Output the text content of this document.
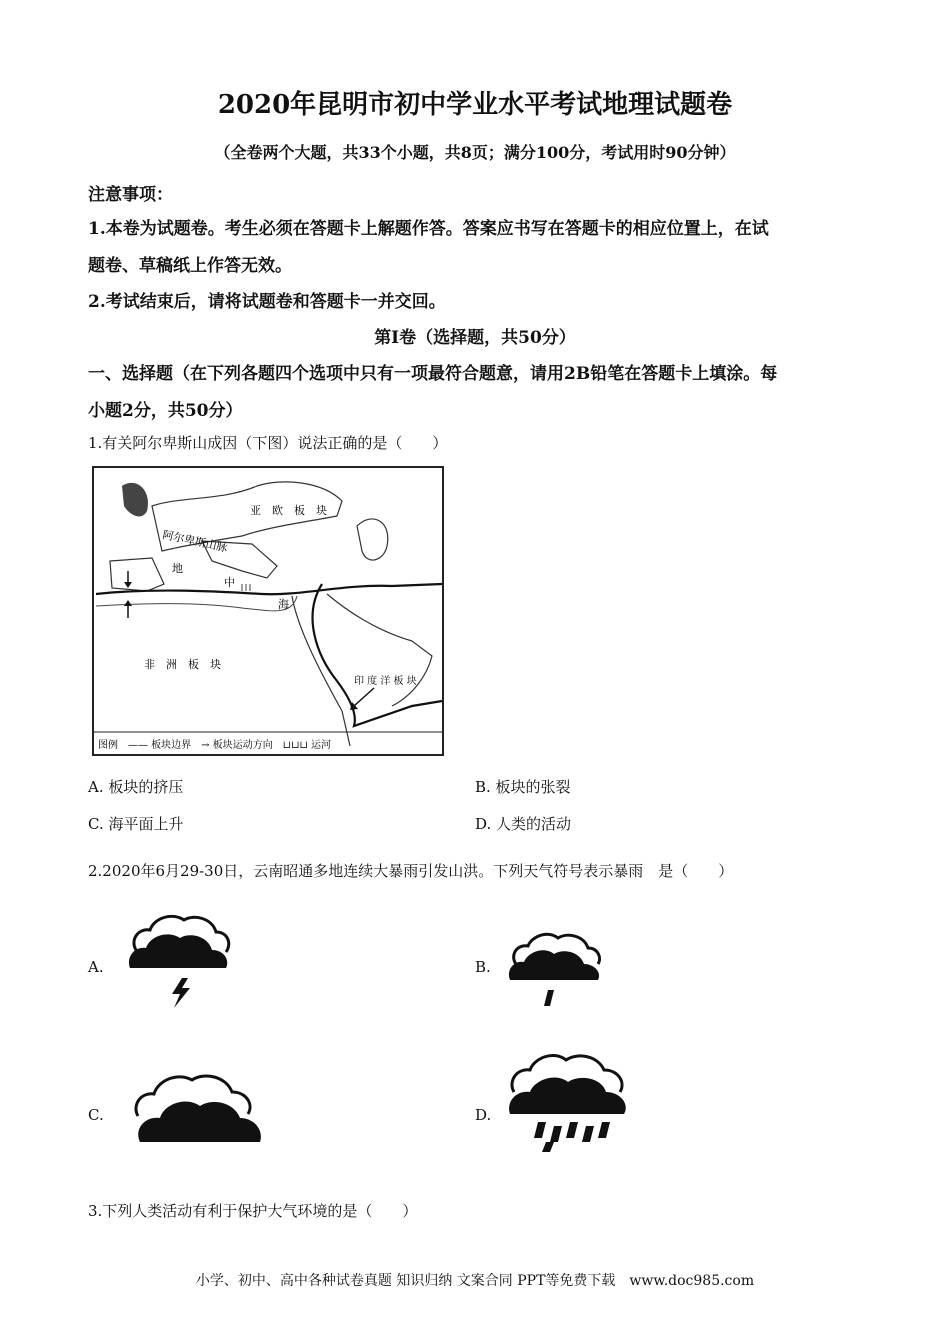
2020年昆明市初中学业水平考试地理试题卷
（全卷两个大题，共33个小题，共8页；满分100分，考试用时90分钟）
注意事项：
1.本卷为试题卷。考生必须在答题卡上解题作答。答案应书写在答题卡的相应位置上，在试
题卷、草稿纸上作答无效。
2.考试结束后，请将试题卷和答题卡一并交回。
第Ⅰ卷（选择题，共50分）
一、选择题（在下列各题四个选项中只有一项最符合题意，请用2B铅笔在答题卡上填涂。每
小题2分，共50分）
1.有关阿尔卑斯山成因（下图）说法正确的是（　　）
亚　欧　板　块
阿尔卑斯山脉
地
中
海
非　洲　板　块
印 度 洋 板 块
图例　—— 板块边界　→ 板块运动方向　⊔⊔⊔ 运河
A. 板块的挤压	B. 板块的张裂
C. 海平面上升	D. 人类的活动
2.2020年6月29-30日，云南昭通多地连续大暴雨引发山洪。下列天气符号表示暴雨　是（　　）
A.	B.
C.	D.
3.下列人类活动有利于保护大气环境的是（　　）
小学、初中、高中各种试卷真题 知识归纳 文案合同 PPT等免费下载　www.doc985.com
